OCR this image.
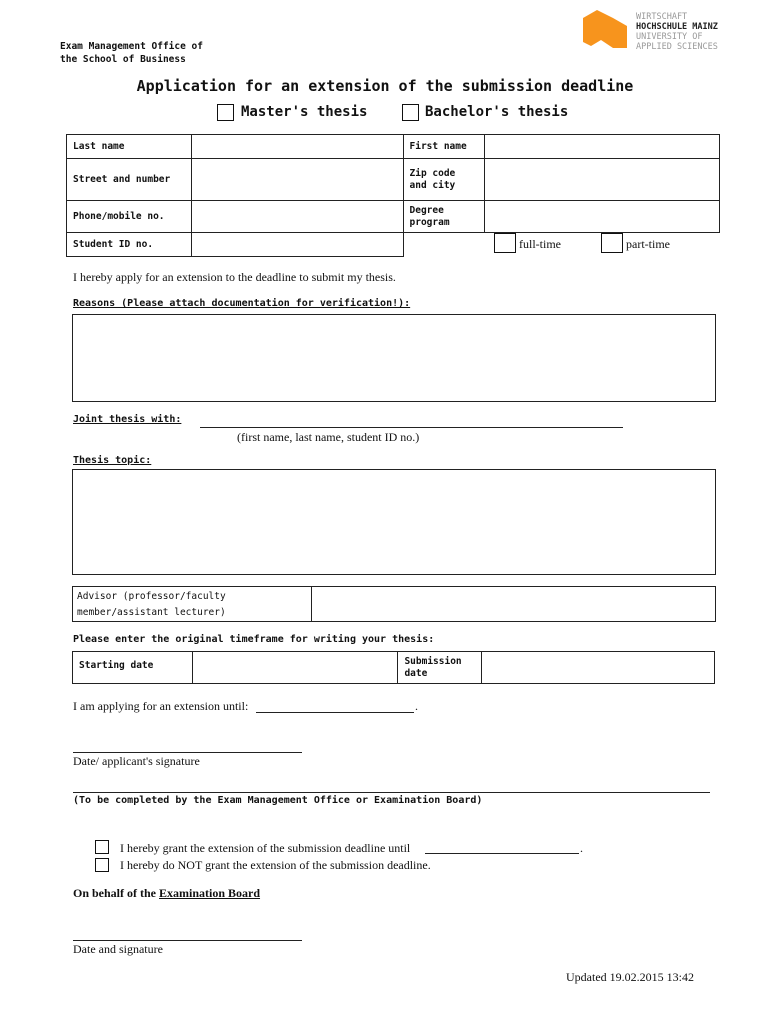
Exam Management Office of
the School of Business
WIRTSCHAFT
HOCHSCHULE MAINZ
UNIVERSITY OF
APPLIED SCIENCES
Application for an extension of the submission deadline
Master's thesis	Bachelor's thesis
Last name		First name	
Street and number		Zip code
and city	

Phone/mobile no.		Degree
program	

Student ID no.				full-time	part-time
I hereby apply for an extension to the deadline to submit my thesis.
Reasons (Please attach documentation for verification!):
Joint thesis with:
(first name, last name, student ID no.)
Thesis topic:
Advisor (professor/faculty
member/assistant lecturer)
Please enter the original timeframe for writing your thesis:
Starting date		Submission
date

I am applying for an extension until:	.
Date/ applicant's signature
(To be completed by the Exam Management Office or Examination Board)
I hereby grant the extension of the submission deadline until	.
I hereby do NOT grant the extension of the submission deadline.
On behalf of the Examination Board
Date and signature
Updated 19.02.2015 13:42
